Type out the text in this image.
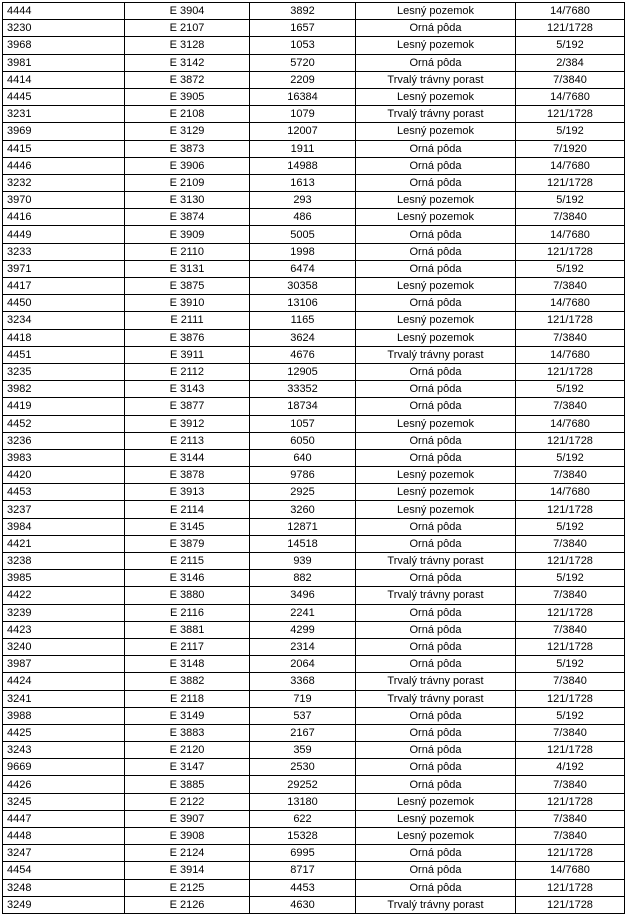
4444	E 3904	3892	Lesný pozemok	14/7680
3230	E 2107	1657	Orná pôda	121/1728
3968	E 3128	1053	Lesný pozemok	5/192
3981	E 3142	5720	Orná pôda	2/384
4414	E 3872	2209	Trvalý trávny porast	7/3840
4445	E 3905	16384	Lesný pozemok	14/7680
3231	E 2108	1079	Trvalý trávny porast	121/1728
3969	E 3129	12007	Lesný pozemok	5/192
4415	E 3873	1911	Orná pôda	7/1920
4446	E 3906	14988	Orná pôda	14/7680
3232	E 2109	1613	Orná pôda	121/1728
3970	E 3130	293	Lesný pozemok	5/192
4416	E 3874	486	Lesný pozemok	7/3840
4449	E 3909	5005	Orná pôda	14/7680
3233	E 2110	1998	Orná pôda	121/1728
3971	E 3131	6474	Orná pôda	5/192
4417	E 3875	30358	Lesný pozemok	7/3840
4450	E 3910	13106	Orná pôda	14/7680
3234	E 2111	1165	Lesný pozemok	121/1728
4418	E 3876	3624	Lesný pozemok	7/3840
4451	E 3911	4676	Trvalý trávny porast	14/7680
3235	E 2112	12905	Orná pôda	121/1728
3982	E 3143	33352	Orná pôda	5/192
4419	E 3877	18734	Orná pôda	7/3840
4452	E 3912	1057	Lesný pozemok	14/7680
3236	E 2113	6050	Orná pôda	121/1728
3983	E 3144	640	Orná pôda	5/192
4420	E 3878	9786	Lesný pozemok	7/3840
4453	E 3913	2925	Lesný pozemok	14/7680
3237	E 2114	3260	Lesný pozemok	121/1728
3984	E 3145	12871	Orná pôda	5/192
4421	E 3879	14518	Orná pôda	7/3840
3238	E 2115	939	Trvalý trávny porast	121/1728
3985	E 3146	882	Orná pôda	5/192
4422	E 3880	3496	Trvalý trávny porast	7/3840
3239	E 2116	2241	Orná pôda	121/1728
4423	E 3881	4299	Orná pôda	7/3840
3240	E 2117	2314	Orná pôda	121/1728
3987	E 3148	2064	Orná pôda	5/192
4424	E 3882	3368	Trvalý trávny porast	7/3840
3241	E 2118	719	Trvalý trávny porast	121/1728
3988	E 3149	537	Orná pôda	5/192
4425	E 3883	2167	Orná pôda	7/3840
3243	E 2120	359	Orná pôda	121/1728
9669	E 3147	2530	Orná pôda	4/192
4426	E 3885	29252	Orná pôda	7/3840
3245	E 2122	13180	Lesný pozemok	121/1728
4447	E 3907	622	Lesný pozemok	7/3840
4448	E 3908	15328	Lesný pozemok	7/3840
3247	E 2124	6995	Orná pôda	121/1728
4454	E 3914	8717	Orná pôda	14/7680
3248	E 2125	4453	Orná pôda	121/1728
3249	E 2126	4630	Trvalý trávny porast	121/1728
